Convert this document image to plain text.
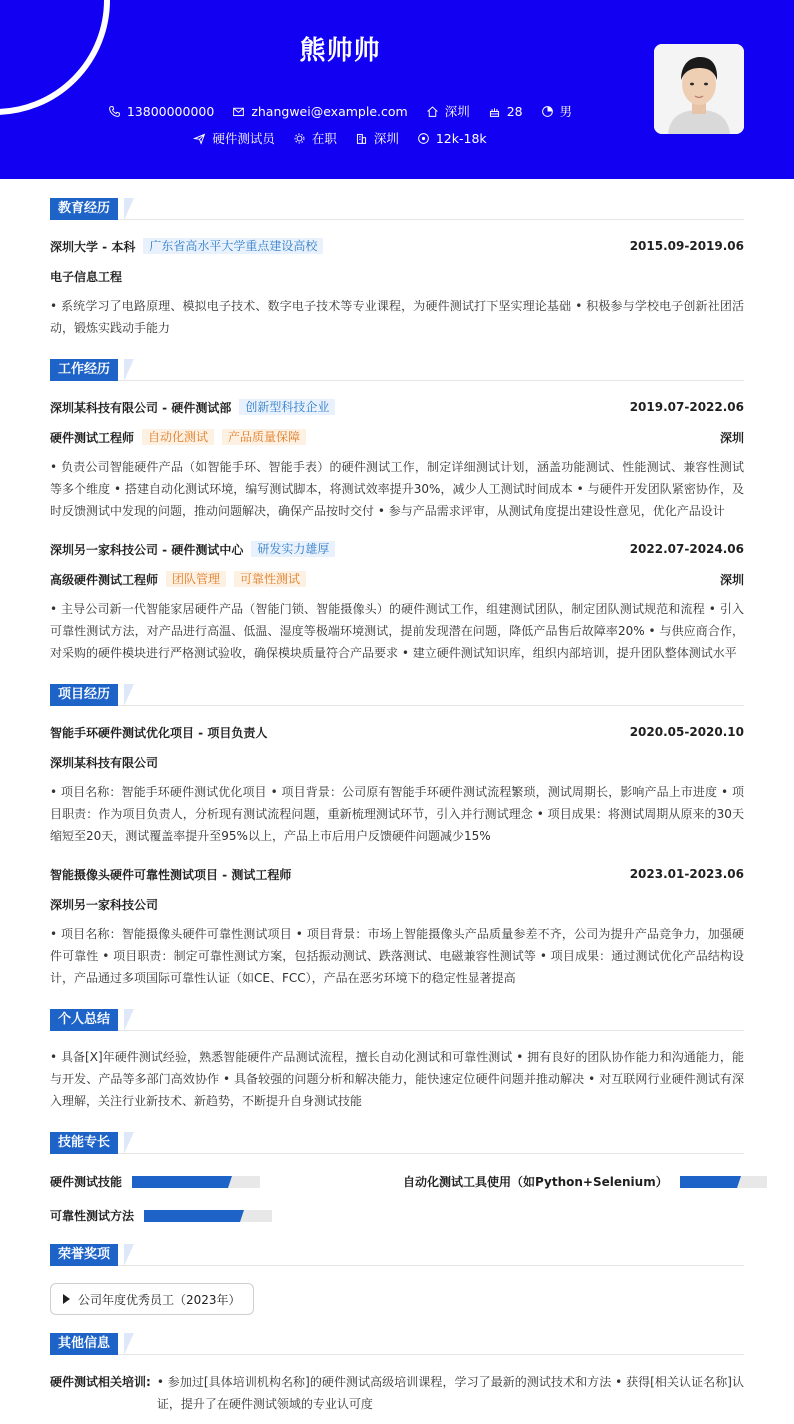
熊帅帅
13800000000	zhangwei@example.com	深圳	28	男
硬件测试员	在职	深圳	12k-18k
教育经历
深圳大学 - 本科	广东省高水平大学重点建设高校	2015.09-2019.06
电子信息工程
• 系统学习了电路原理、模拟电子技术、数字电子技术等专业课程，为硬件测试打下坚实理论基础 • 积极参与学校电子创新社团活动，锻炼实践动手能力
工作经历
深圳某科技有限公司 - 硬件测试部	创新型科技企业	2019.07-2022.06
硬件测试工程师	自动化测试	产品质量保障	深圳
• 负责公司智能硬件产品（如智能手环、智能手表）的硬件测试工作，制定详细测试计划，涵盖功能测试、性能测试、兼容性测试等多个维度 • 搭建自动化测试环境，编写测试脚本，将测试效率提升30%，减少人工测试时间成本 • 与硬件开发团队紧密协作，及时反馈测试中发现的问题，推动问题解决，确保产品按时交付 • 参与产品需求评审，从测试角度提出建设性意见，优化产品设计
深圳另一家科技公司 - 硬件测试中心	研发实力雄厚	2022.07-2024.06
高级硬件测试工程师	团队管理	可靠性测试	深圳
• 主导公司新一代智能家居硬件产品（智能门锁、智能摄像头）的硬件测试工作，组建测试团队，制定团队测试规范和流程 • 引入可靠性测试方法，对产品进行高温、低温、湿度等极端环境测试，提前发现潜在问题，降低产品售后故障率20% • 与供应商合作，对采购的硬件模块进行严格测试验收，确保模块质量符合产品要求 • 建立硬件测试知识库，组织内部培训，提升团队整体测试水平
项目经历
智能手环硬件测试优化项目 - 项目负责人	2020.05-2020.10
深圳某科技有限公司
• 项目名称：智能手环硬件测试优化项目 • 项目背景：公司原有智能手环硬件测试流程繁琐，测试周期长，影响产品上市进度 • 项目职责：作为项目负责人，分析现有测试流程问题，重新梳理测试环节，引入并行测试理念 • 项目成果：将测试周期从原来的30天缩短至20天，测试覆盖率提升至95%以上，产品上市后用户反馈硬件问题减少15%
智能摄像头硬件可靠性测试项目 - 测试工程师	2023.01-2023.06
深圳另一家科技公司
• 项目名称：智能摄像头硬件可靠性测试项目 • 项目背景：市场上智能摄像头产品质量参差不齐，公司为提升产品竞争力，加强硬件可靠性 • 项目职责：制定可靠性测试方案，包括振动测试、跌落测试、电磁兼容性测试等 • 项目成果：通过测试优化产品结构设计，产品通过多项国际可靠性认证（如CE、FCC），产品在恶劣环境下的稳定性显著提高
个人总结
• 具备[X]年硬件测试经验，熟悉智能硬件产品测试流程，擅长自动化测试和可靠性测试 • 拥有良好的团队协作能力和沟通能力，能与开发、产品等多部门高效协作 • 具备较强的问题分析和解决能力，能快速定位硬件问题并推动解决 • 对互联网行业硬件测试有深入理解，关注行业新技术、新趋势，不断提升自身测试技能
技能专长
硬件测试技能	自动化测试工具使用（如Python+Selenium）
可靠性测试方法
荣誉奖项
公司年度优秀员工（2023年）
其他信息
硬件测试相关培训: • 参加过[具体培训机构名称]的硬件测试高级培训课程，学习了最新的测试技术和方法 • 获得[相关认证名称]认证，提升了在硬件测试领域的专业认可度
